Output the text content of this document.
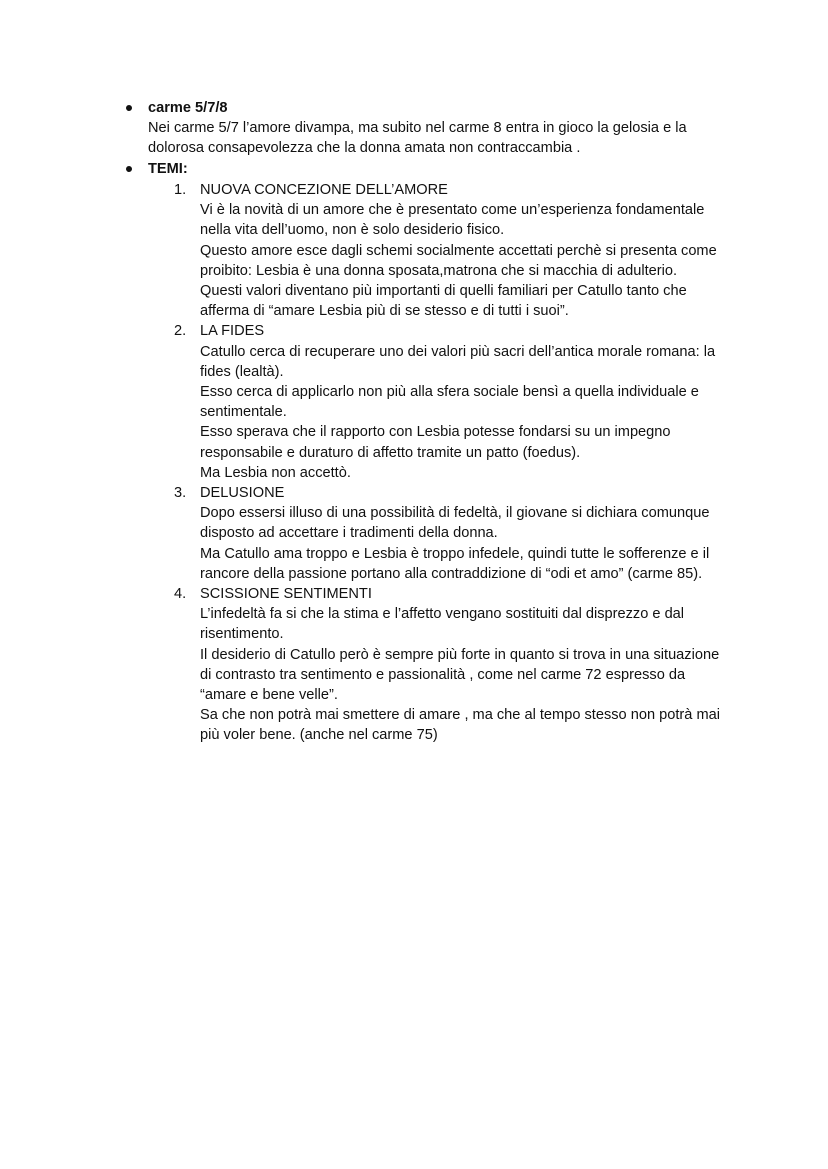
carme 5/7/8
Nei carme 5/7 l’amore divampa, ma subito nel carme 8 entra in gioco la gelosia e la dolorosa consapevolezza che la donna amata non contraccambia .
TEMI:
1. NUOVA CONCEZIONE DELL’AMORE
Vi è la novità di un amore che è presentato come un’esperienza fondamentale nella vita dell’uomo, non è solo desiderio fisico.
Questo amore esce dagli schemi socialmente accettati perchè si presenta come proibito: Lesbia è una donna sposata,matrona che si macchia di adulterio.
Questi valori diventano più importanti di quelli familiari per Catullo tanto che afferma di “amare Lesbia più di se stesso e di tutti i suoi”.
2. LA FIDES
Catullo cerca di recuperare uno dei valori più sacri dell’antica morale romana: la fides (lealtà).
Esso cerca di applicarlo non più alla sfera sociale bensì a quella individuale e sentimentale.
Esso sperava che il rapporto con Lesbia potesse fondarsi su un impegno responsabile e duraturo di affetto tramite un patto (foedus).
Ma Lesbia non accettò.
3. DELUSIONE
Dopo essersi illuso di una possibilità di fedeltà, il giovane si dichiara comunque disposto ad accettare i tradimenti della donna.
Ma Catullo ama troppo e Lesbia è troppo infedele, quindi tutte le sofferenze e il rancore della passione portano alla contraddizione di “odi et amo” (carme 85).
4. SCISSIONE SENTIMENTI
L’infedeltà fa si che la stima e l’affetto vengano sostituiti dal disprezzo e dal risentimento.
Il desiderio di Catullo però è sempre più forte in quanto si trova in una situazione di contrasto tra sentimento e passionalità , come nel carme 72 espresso da “amare e bene velle”.
Sa che non potrà mai smettere di amare , ma che al tempo stesso non potrà mai più voler bene. (anche nel carme 75)
